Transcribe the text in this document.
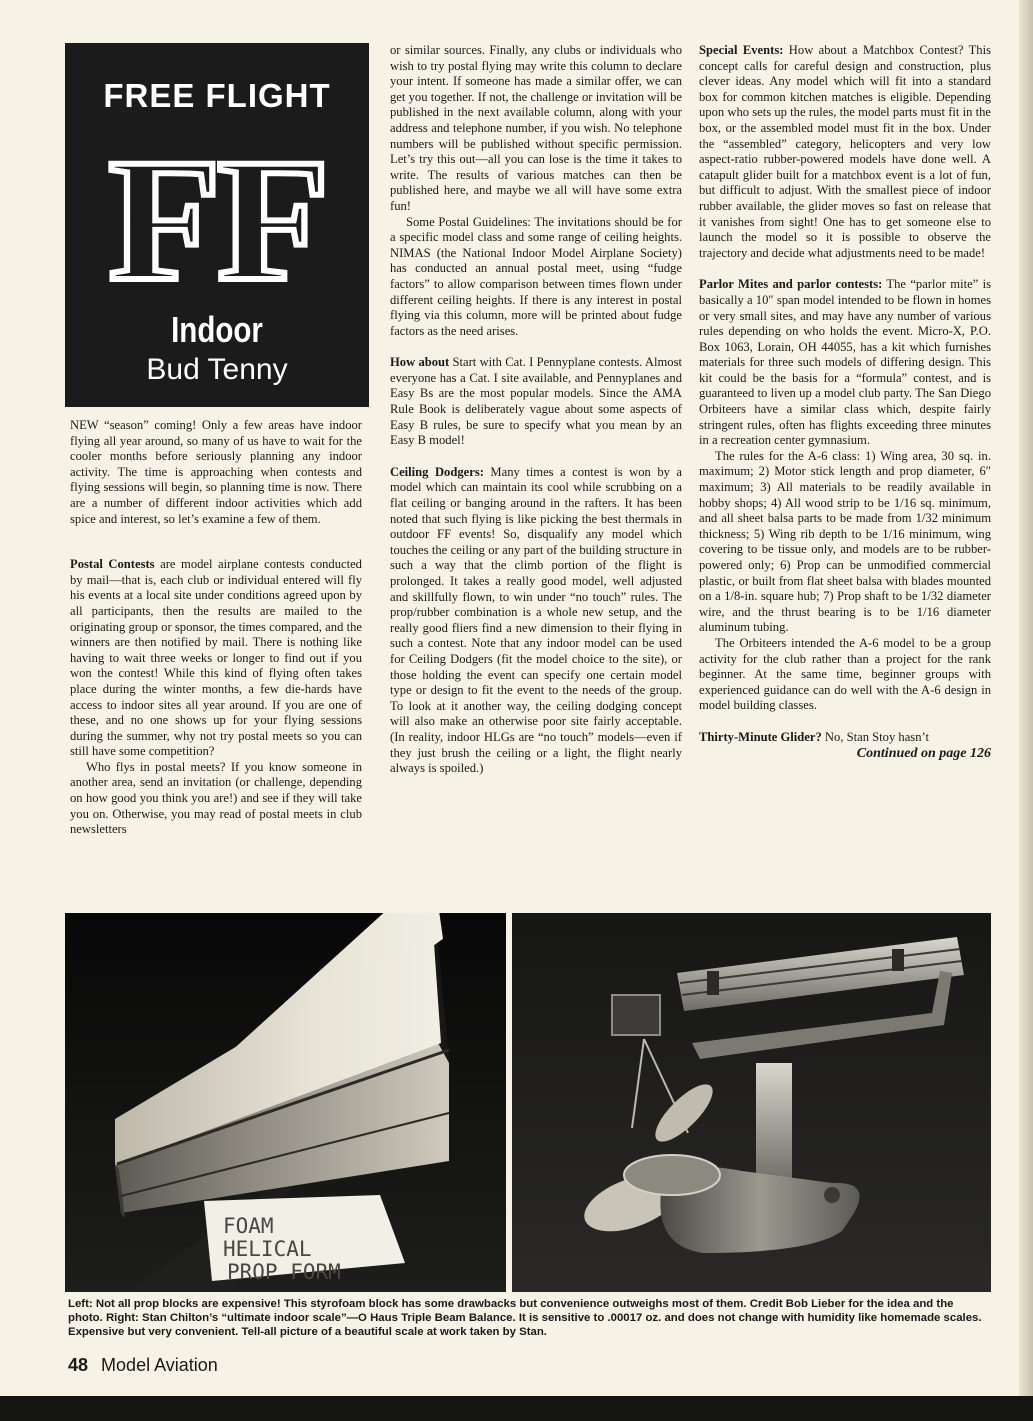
FREE FLIGHT
FF
Indoor
Bud Tenny

NEW “season” coming! Only a few areas have indoor flying all year around, so many of us have to wait for the cooler months before seriously planning any indoor activity. The time is approaching when contests and flying sessions will begin, so planning time is now. There are a number of different indoor activities which add spice and interest, so let’s examine a few of them.

Postal Contests are model airplane contests conducted by mail—that is, each club or individual entered will fly his events at a local site under conditions agreed upon by all participants, then the results are mailed to the originating group or sponsor, the times compared, and the winners are then notified by mail. There is nothing like having to wait three weeks or longer to find out if you won the contest! While this kind of flying often takes place during the winter months, a few die-hards have access to indoor sites all year around. If you are one of these, and no one shows up for your flying sessions during the summer, why not try postal meets so you can still have some competition?

Who flys in postal meets? If you know someone in another area, send an invitation (or challenge, depending on how good you think you are!) and see if they will take you on. Otherwise, you may read of postal meets in club newsletters

or similar sources. Finally, any clubs or individuals who wish to try postal flying may write this column to declare your intent. If someone has made a similar offer, we can get you together. If not, the challenge or invitation will be published in the next available column, along with your address and telephone number, if you wish. No telephone numbers will be published without specific permission. Let’s try this out—all you can lose is the time it takes to write. The results of various matches can then be published here, and maybe we all will have some extra fun!

Some Postal Guidelines: The invitations should be for a specific model class and some range of ceiling heights. NIMAS (the National Indoor Model Airplane Society) has conducted an annual postal meet, using “fudge factors” to allow comparison between times flown under different ceiling heights. If there is any interest in postal flying via this column, more will be printed about fudge factors as the need arises.

How about Start with Cat. I Pennyplane contests. Almost everyone has a Cat. I site available, and Pennyplanes and Easy Bs are the most popular models. Since the AMA Rule Book is deliberately vague about some aspects of Easy B rules, be sure to specify what you mean by an Easy B model!

Ceiling Dodgers: Many times a contest is won by a model which can maintain its cool while scrubbing on a flat ceiling or banging around in the rafters. It has been noted that such flying is like picking the best thermals in outdoor FF events! So, disqualify any model which touches the ceiling or any part of the building structure in such a way that the climb portion of the flight is prolonged. It takes a really good model, well adjusted and skillfully flown, to win under “no touch” rules. The prop/rubber combination is a whole new setup, and the really good fliers find a new dimension to their flying in such a contest. Note that any indoor model can be used for Ceiling Dodgers (fit the model choice to the site), or those holding the event can specify one certain model type or design to fit the event to the needs of the group. To look at it another way, the ceiling dodging concept will also make an otherwise poor site fairly acceptable. (In reality, indoor HLGs are “no touch” models—even if they just brush the ceiling or a light, the flight nearly always is spoiled.)

Special Events: How about a Matchbox Contest? This concept calls for careful design and construction, plus clever ideas. Any model which will fit into a standard box for common kitchen matches is eligible. Depending upon who sets up the rules, the model parts must fit in the box, or the assembled model must fit in the box. Under the “assembled” category, helicopters and very low aspect-ratio rubber-powered models have done well. A catapult glider built for a matchbox event is a lot of fun, but difficult to adjust. With the smallest piece of indoor rubber available, the glider moves so fast on release that it vanishes from sight! One has to get someone else to launch the model so it is possible to observe the trajectory and decide what adjustments need to be made!

Parlor Mites and parlor contests: The “parlor mite” is basically a 10″ span model intended to be flown in homes or very small sites, and may have any number of various rules depending on who holds the event. Micro-X, P.O. Box 1063, Lorain, OH 44055, has a kit which furnishes materials for three such models of differing design. This kit could be the basis for a “formula” contest, and is guaranteed to liven up a model club party. The San Diego Orbiteers have a similar class which, despite fairly stringent rules, often has flights exceeding three minutes in a recreation center gymnasium.

The rules for the A-6 class: 1) Wing area, 30 sq. in. maximum; 2) Motor stick length and prop diameter, 6″ maximum; 3) All materials to be readily available in hobby shops; 4) All wood strip to be 1/16 sq. minimum, and all sheet balsa parts to be made from 1/32 minimum thickness; 5) Wing rib depth to be 1/16 minimum, wing covering to be tissue only, and models are to be rubber-powered only; 6) Prop can be unmodified commercial plastic, or built from flat sheet balsa with blades mounted on a 1/8-in. square hub; 7) Prop shaft to be 1/32 diameter wire, and the thrust bearing is to be 1/16 diameter aluminum tubing.

The Orbiteers intended the A-6 model to be a group activity for the club rather than a project for the rank beginner. At the same time, beginner groups with experienced guidance can do well with the A-6 design in model building classes.

Thirty-Minute Glider? No, Stan Stoy hasn’t

Continued on page 126

FOAM
HELICAL
PROP FORM
Left: Not all prop blocks are expensive! This styrofoam block has some drawbacks but convenience outweighs most of them. Credit Bob Lieber for the idea and the photo. Right: Stan Chilton’s “ultimate indoor scale”—O Haus Triple Beam Balance. It is sensitive to .00017 oz. and does not change with humidity like homemade scales. Expensive but very convenient. Tell-all picture of a beautiful scale at work taken by Stan.
48 Model Aviation
